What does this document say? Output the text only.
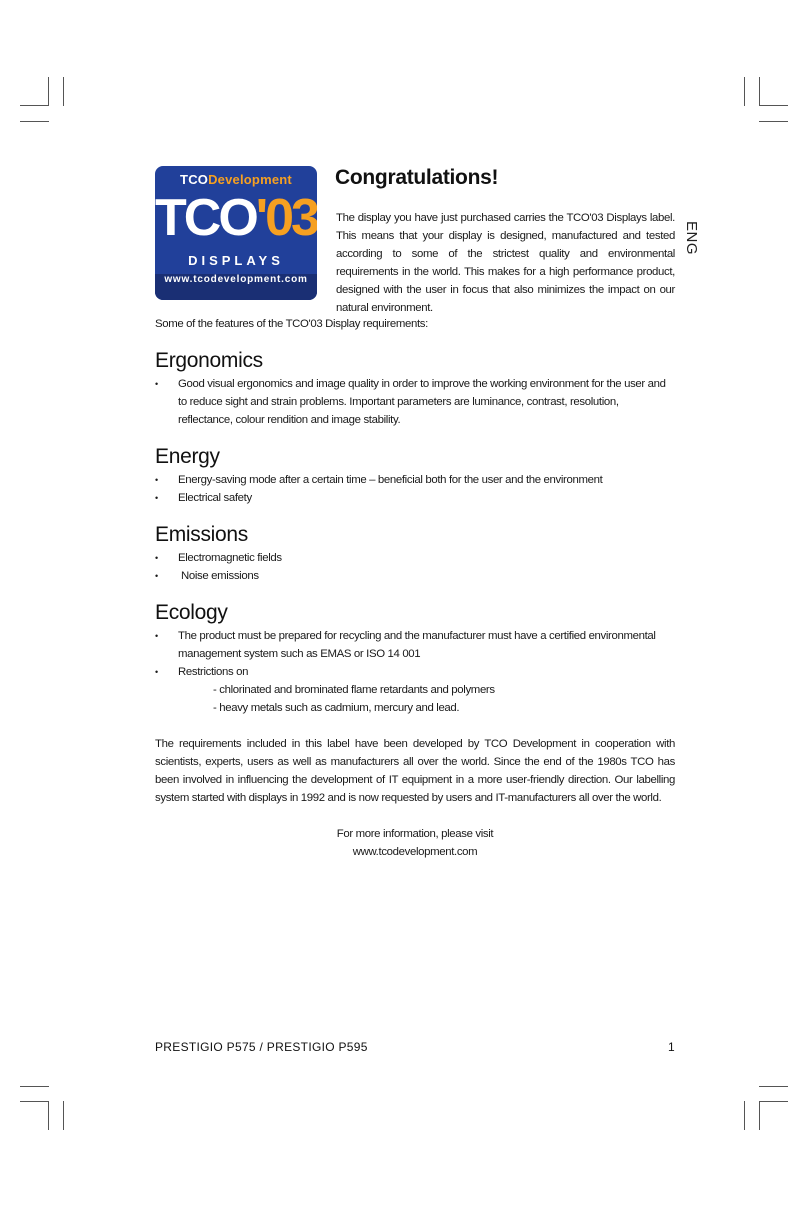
TCODevelopment
TCO'03
DISPLAYS
www.tcodevelopment.com
Congratulations!
The display you have just purchased carries the TCO'03 Displays label. This means that your display is designed, manufactured and tested according to some of the strictest quality and environmental requirements in the world. This makes for a high performance product, designed with the user in focus that also minimizes the impact on our natural environment.
ENG

Some of the features of the TCO'03 Display requirements:

Ergonomics
• Good visual ergonomics and image quality in order to improve the working environment for the user and to reduce sight and strain problems. Important parameters are luminance, contrast, resolution, reflectance, colour rendition and image stability.
Energy
• Energy-saving mode after a certain time – beneficial both for the user and the environment
• Electrical safety
Emissions
• Electromagnetic fields
• Noise emissions
Ecology
• The product must be prepared for recycling and the manufacturer must have a certified environmental management system such as EMAS or ISO 14 001
• Restrictions on
- chlorinated and brominated flame retardants and polymers
- heavy metals such as cadmium, mercury and lead.

The requirements included in this label have been developed by TCO Development in cooperation with scientists, experts, users as well as manufacturers all over the world. Since the end of the 1980s TCO has been involved in influencing the development of IT equipment in a more user-friendly direction. Our labelling system started with displays in 1992 and is now requested by users and IT-manufacturers all over the world.

For more information, please visit
www.tcodevelopment.com
PRESTIGIO P575 / PRESTIGIO P595	1
